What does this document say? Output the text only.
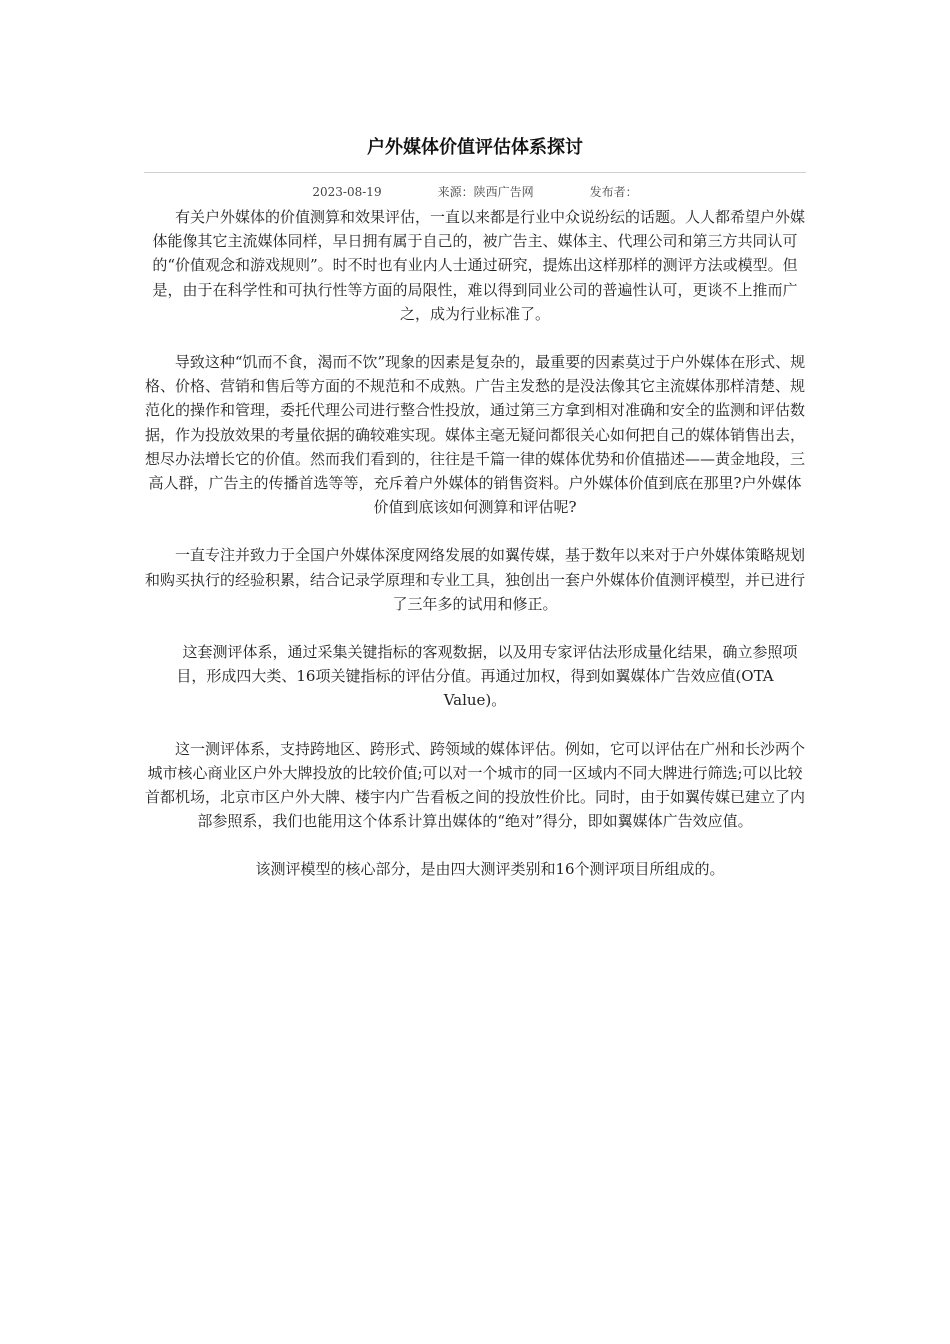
户外媒体价值评估体系探讨
2023-08-19	来源：陕西广告网	发布者：

　　有关户外媒体的价值测算和效果评估，一直以来都是行业中众说纷纭的话题。人人都希望户外媒体能像其它主流媒体同样，早日拥有属于自己的，被广告主、媒体主、代理公司和第三方共同认可的“价值观念和游戏规则”。时不时也有业内人士通过研究，提炼出这样那样的测评方法或模型。但是，由于在科学性和可执行性等方面的局限性，难以得到同业公司的普遍性认可，更谈不上推而广之，成为行业标准了。

　　导致这种“饥而不食，渴而不饮”现象的因素是复杂的，最重要的因素莫过于户外媒体在形式、规格、价格、营销和售后等方面的不规范和不成熟。广告主发愁的是没法像其它主流媒体那样清楚、规范化的操作和管理，委托代理公司进行整合性投放，通过第三方拿到相对准确和安全的监测和评估数据，作为投放效果的考量依据的确较难实现。媒体主毫无疑问都很关心如何把自己的媒体销售出去，想尽办法增长它的价值。然而我们看到的，往往是千篇一律的媒体优势和价值描述——黄金地段，三高人群，广告主的传播首选等等，充斥着户外媒体的销售资料。户外媒体价值到底在那里?户外媒体价值到底该如何测算和评估呢?

　　一直专注并致力于全国户外媒体深度网络发展的如翼传媒，基于数年以来对于户外媒体策略规划和购买执行的经验积累，结合记录学原理和专业工具，独创出一套户外媒体价值测评模型，并已进行了三年多的试用和修正。

　　这套测评体系，通过采集关键指标的客观数据，以及用专家评估法形成量化结果，确立参照项目，形成四大类、16项关键指标的评估分值。再通过加权，得到如翼媒体广告效应值(OTA Value)。

　　这一测评体系，支持跨地区、跨形式、跨领域的媒体评估。例如，它可以评估在广州和长沙两个城市核心商业区户外大牌投放的比较价值;可以对一个城市的同一区域内不同大牌进行筛选;可以比较首都机场，北京市区户外大牌、楼宇内广告看板之间的投放性价比。同时，由于如翼传媒已建立了内部参照系，我们也能用这个体系计算出媒体的“绝对”得分，即如翼媒体广告效应值。

　　该测评模型的核心部分，是由四大测评类别和16个测评项目所组成的。
